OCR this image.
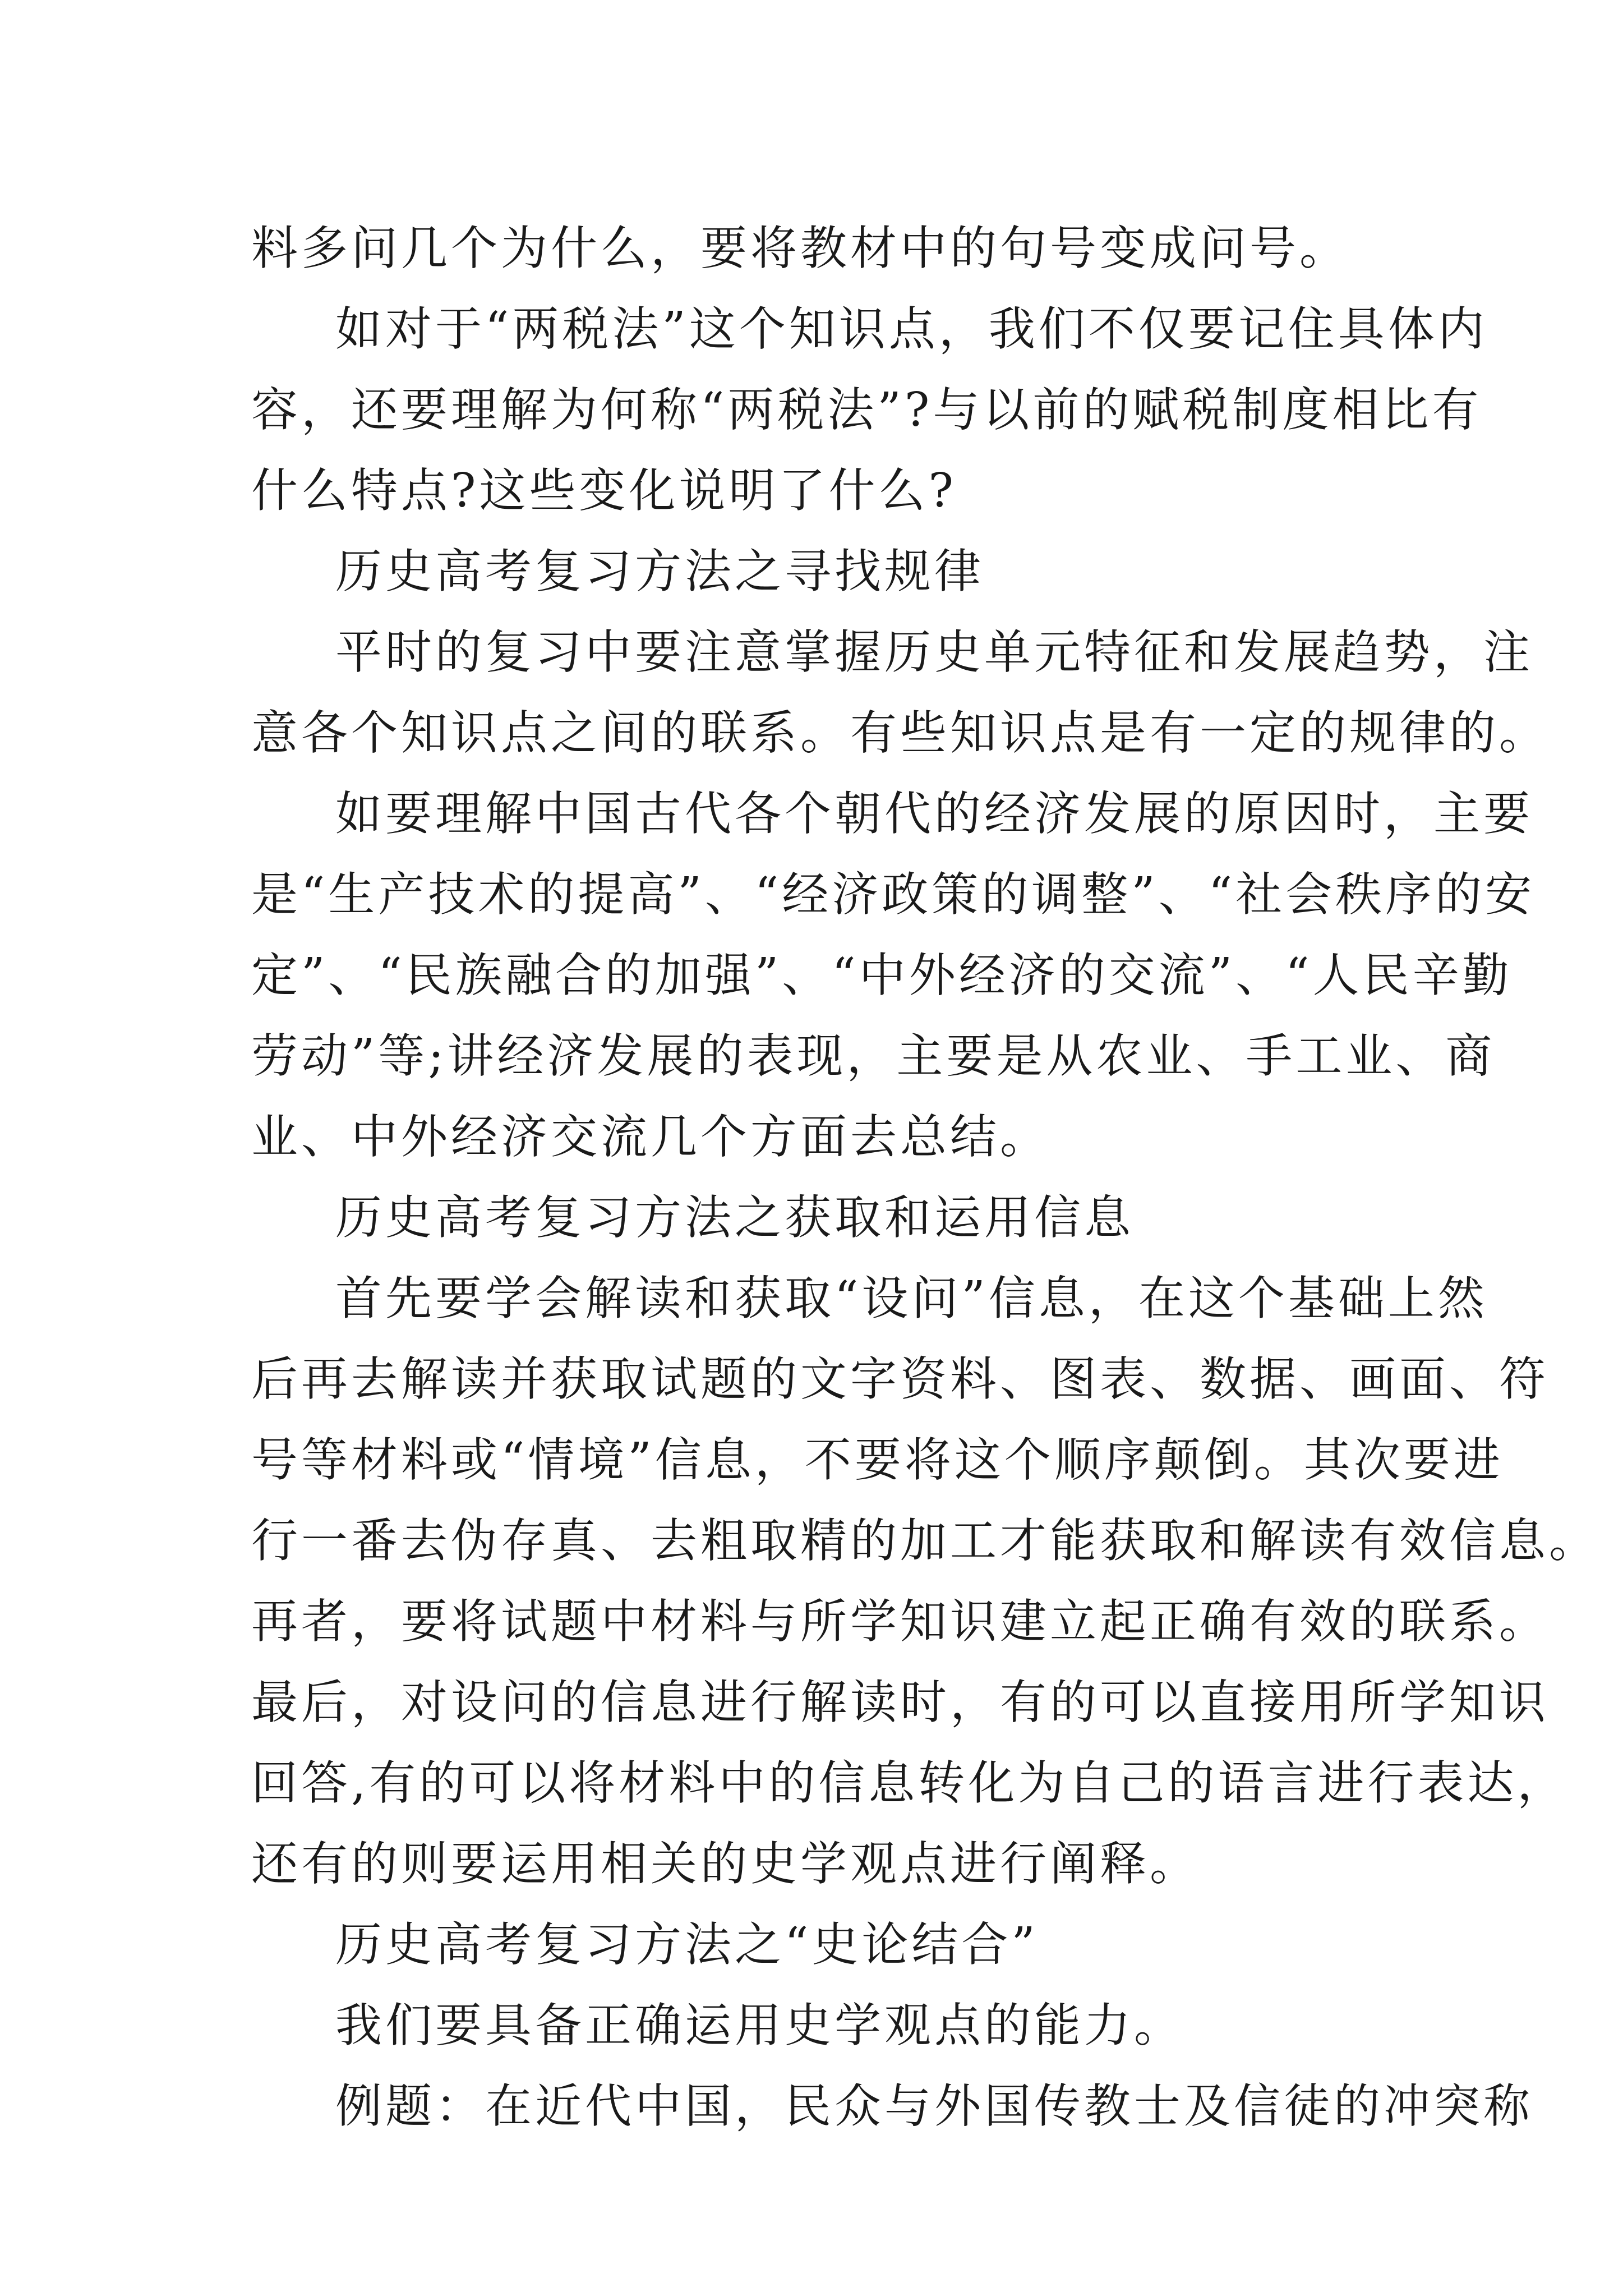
料多问几个为什么，要将教材中的句号变成问号。
如对于“两税法”这个知识点，我们不仅要记住具体内
容，还要理解为何称“两税法”?与以前的赋税制度相比有
什么特点?这些变化说明了什么?
历史高考复习方法之寻找规律
平时的复习中要注意掌握历史单元特征和发展趋势，注
意各个知识点之间的联系。有些知识点是有一定的规律的。
如要理解中国古代各个朝代的经济发展的原因时，主要
是“生产技术的提高”、“经济政策的调整”、“社会秩序的安
定”、“民族融合的加强”、“中外经济的交流”、“人民辛勤
劳动”等;讲经济发展的表现，主要是从农业、手工业、商
业、中外经济交流几个方面去总结。
历史高考复习方法之获取和运用信息
首先要学会解读和获取“设问”信息，在这个基础上然
后再去解读并获取试题的文字资料、图表、数据、画面、符
号等材料或“情境”信息，不要将这个顺序颠倒。其次要进
行一番去伪存真、去粗取精的加工才能获取和解读有效信息。
再者，要将试题中材料与所学知识建立起正确有效的联系。
最后，对设问的信息进行解读时，有的可以直接用所学知识
回答,有的可以将材料中的信息转化为自己的语言进行表达，
还有的则要运用相关的史学观点进行阐释。
历史高考复习方法之“史论结合”
我们要具备正确运用史学观点的能力。
例题：在近代中国，民众与外国传教士及信徒的冲突称
